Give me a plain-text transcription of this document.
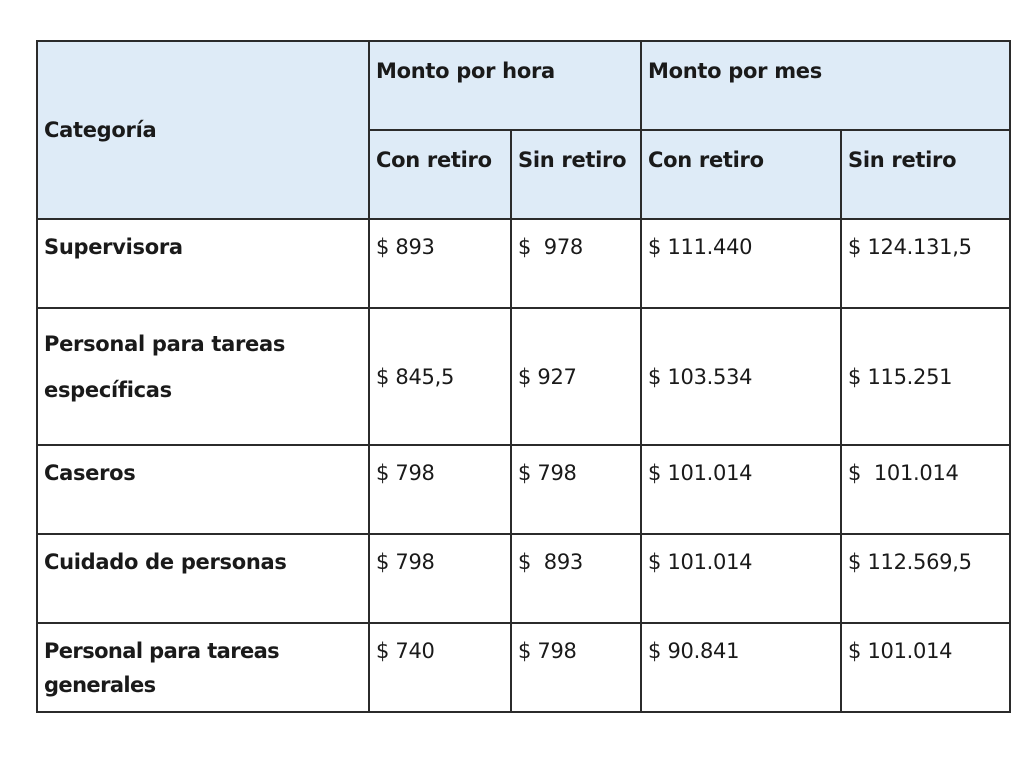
Categoría	Monto por hora		Monto por mes	
	Con retiro	Sin retiro	Con retiro	Sin retiro
Supervisora	$ 893	$  978	$ 111.440	$ 124.131,5
Personal para tareas específicas	$ 845,5	$ 927	$ 103.534	$ 115.251
Caseros	$ 798	$ 798	$ 101.014	$  101.014
Cuidado de personas	$ 798	$  893	$ 101.014	$ 112.569,5
Personal para tareas generales	$ 740	$ 798	$ 90.841	$ 101.014
